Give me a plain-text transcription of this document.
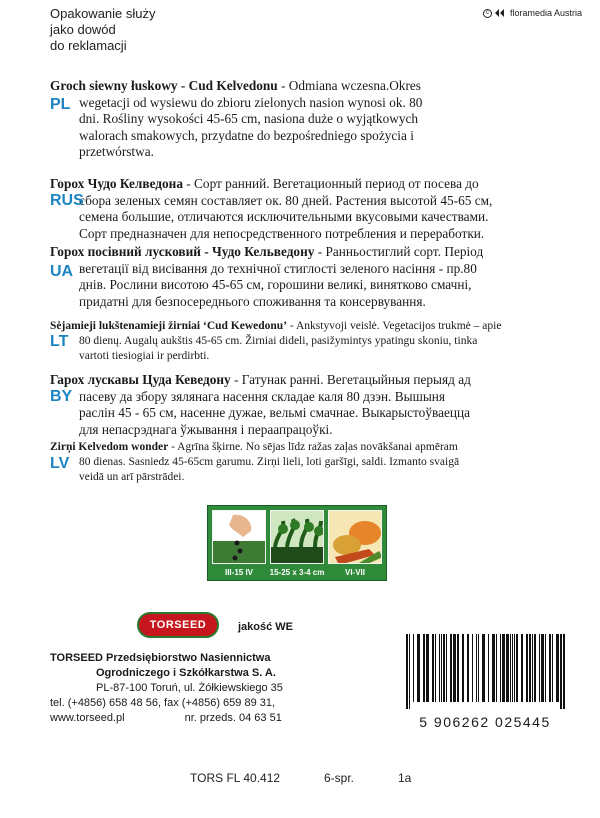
Opakowanie służy
jako dowód
do reklamacji
c	floramedia Austria
PL
Groch siewny łuskowy - Cud Kelvedonu - Odmiana wczesna.Okres
wegetacji od wysiewu do zbioru zielonych nasion wynosi ok. 80
dni. Rośliny wysokości 45-65 cm, nasiona duże o wyjątkowych
walorach smakowych, przydatne do bezpośredniego spożycia i
przetwórstwa.
RUS
Горох Чудо Келведона - Сорт ранний. Вегетационный период от посева до
сбора зеленых семян составляет ок. 80 дней. Растения высотой 45-65 см,
семена большие, отличаются исключительными вкусовыми качествами.
Сорт предназначен для непосредственного потребления и переработки.
UA
Горох посівний лусковий - Чудо Кельведону - Ранньостиглий сорт. Період
вегетації від висівання до технічної стиглості зеленого насіння - пр.80
днів. Рослини висотою 45-65 см, горошини великі, винятково смачні,
придатні для безпосереднього споживання та консервування.
LT
Sėjamieji lukštenamieji žirniai ‘Cud Kewedonu’ - Ankstyvoji veislė. Vegetacijos trukmė – apie
80 dienų. Augalų aukštis 45-65 cm. Žirniai dideli, pasižymintys ypatingu skoniu, tinka
vartoti tiesiogiai ir perdirbti.
BY
Гарох лускавы Цуда Кеведону - Гатунак ранні. Вегетацыйныя перыяд ад
пасеву да збору зялянага насення складае каля 80 дзэн. Вышыня
раслін 45 - 65 см, насенне дужае, вельмі смачнае. Выкарыстоўваецца
для непасрэднага ўжывання і пераапрацоўкі.
LV
Zirņi Kelvedom wonder - Agrīna šķirne. No sējas līdz ražas zaļas novākšanai apmēram
80 dienas. Sasniedz 45-65cm garumu. Zirņi lieli, loti garšīgi, saldi. Izmanto svaigā
veidā un arī pārstrādei.
III-15 IV	15-25 x 3-4 cm	VI-VII
TORSEED	jakość WE
TORSEED Przedsiębiorstwo Nasiennictwa
Ogrodniczego i Szkółkarstwa S. A.
PL-87-100 Toruń, ul. Żółkiewskiego 35
tel. (+4856) 658 48 56, fax (+4856) 659 89 31,
www.torseed.pl	nr. przeds. 04 63 51	5 906262 025445
TORS FL 40.412	6-spr.	1a
